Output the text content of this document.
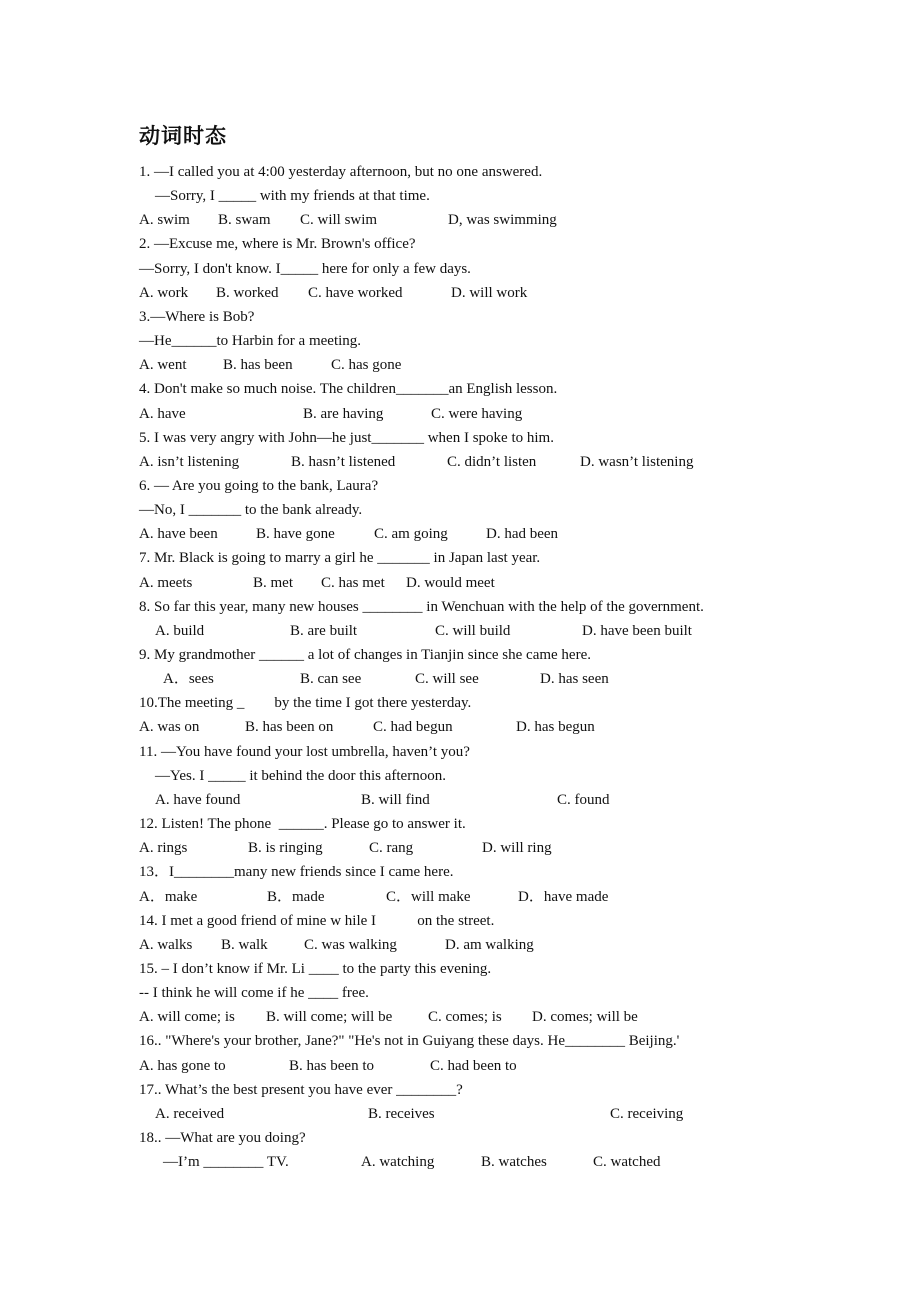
动词时态
1. —I called you at 4:00 yesterday afternoon, but no one answered.
—Sorry, I _____ with my friends at that time.
A. swim B. swam C. will swim	D, was swimming
2. —Excuse me, where is Mr. Brown's office?
—Sorry, I don't know. I_____ here for only a few days.
A. work B. worked C. have worked	D. will work
3.—Where is Bob?
—He______to Harbin for a meeting.
A. went B. has been	C. has gone
4. Don't make so much noise. The children_______an English lesson.
A. have	B. are having	C. were having
5. I was very angry with John—he just_______ when I spoke to him.
A. isn’t listening	B. hasn’t listened	C. didn’t listen	D. wasn’t listening
6. — Are you going to the bank, Laura?
—No, I _______ to the bank already.
A. have been	B. have gone	C. am going	D. had been
7. Mr. Black is going to marry a girl he _______ in Japan last year.
A. meets	B. met C. has met D. would meet
8. So far this year, many new houses ________ in Wenchuan with the help of the government.
A. build	B. are built	C. will build	D. have been built
9. My grandmother ______ a lot of changes in Tianjin since she came here.
A．sees	B. can see	C. will see	D. has seen
10.The meeting _        by the time I got there yesterday.
A. was on	B. has been on	C. had begun	D. has begun
11. —You have found your lost umbrella, haven’t you?
—Yes. I _____ it behind the door this afternoon.
A. have found	B. will find	C. found
12. Listen! The phone  ______. Please go to answer it.
A. rings	B. is ringing	C. rang	D. will ring
13．I________many new friends since I came here.
A．make	B．made	C．will make	D．have made
14. I met a good friend of mine w hile I           on the street.
A. walks B. walk C. was walking	D. am walking
15. – I don’t know if Mr. Li ____ to the party this evening.
-- I think he will come if he ____ free.
A. will come; is B. will come; will be C. comes; is D. comes; will be
16.. "Where's your brother, Jane?" "He's not in Guiyang these days. He________ Beijing.'
A. has gone to	B. has been to	C. had been to
17.. What’s the best present you have ever ________?
A. received	B. receives	C. receiving
18.. —What are you doing?
—I’m ________ TV.	A. watching	B. watches	C. watched
